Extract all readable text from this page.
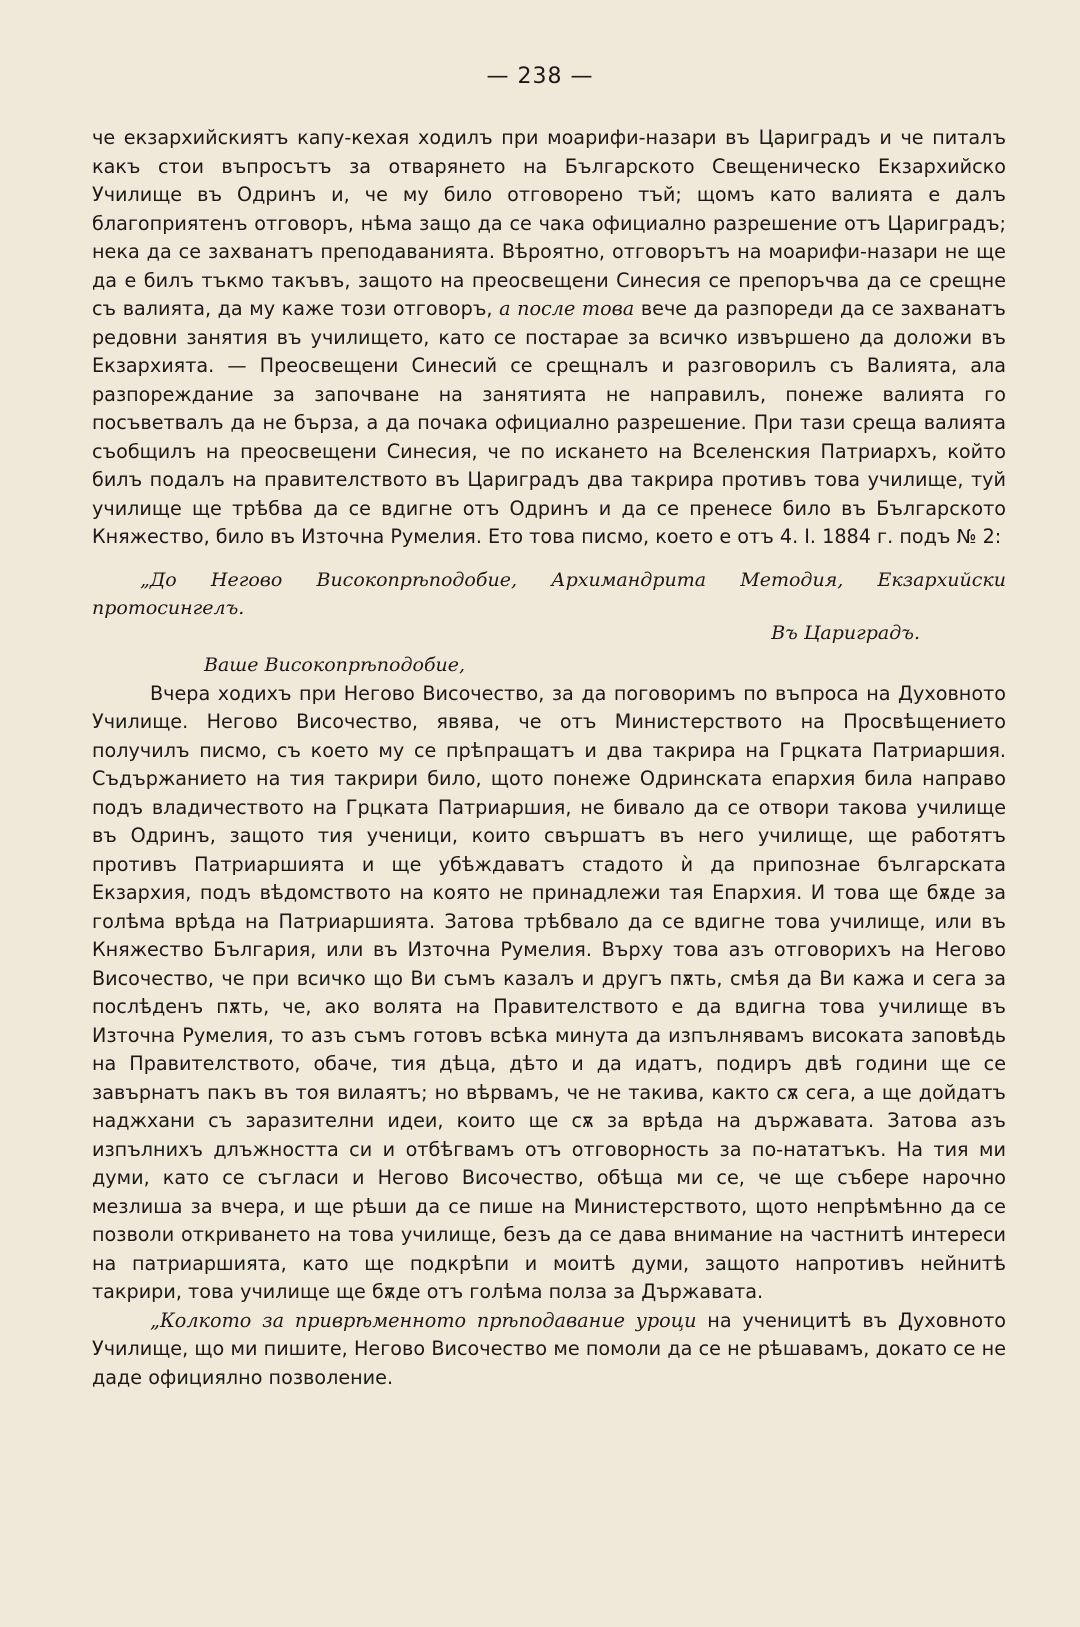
— 238 —

че екзархийскиятъ капу-кехая ходилъ при моарифи-назари въ Цариградъ и че питалъ какъ стои въпросътъ за отварянето на Българското Свещеническо Екзархийско Училище въ Одринъ и, че му било отговорено тъй; щомъ като валията е далъ благоприятенъ отговоръ, нѣма защо да се чака официално разрешение отъ Цариградъ; нека да се захванатъ преподаванията. Вѣроятно, отговорътъ на моарифи-назари не ще да е билъ тъкмо такъвъ, защото на преосвещени Синесия се препоръчва да се срещне съ валията, да му каже този отговоръ, а после това вече да разпореди да се захванатъ редовни занятия въ училището, като се постарае за всичко извършено да доложи въ Екзархията. — Преосвещени Синесий се срещналъ и разговорилъ съ Валията, ала разпореждание за започване на занятията не направилъ, понеже валията го посъветвалъ да не бърза, а да почака официално разрешение. При тази среща валията съобщилъ на преосвещени Синесия, че по искането на Вселенския Патриархъ, който билъ подалъ на правителството въ Цариградъ два такрира противъ това училище, туй училище ще трѣбва да се вдигне отъ Одринъ и да се пренесе било въ Българското Княжество, било въ Източна Румелия. Ето това писмо, което е отъ 4. I. 1884 г. подъ № 2:

„До Негово Високопрѣподобие, Архимандрита Методия, Екзархийски протосингелъ.

Въ Цариградъ.

Ваше Високопрѣподобие,

Вчера ходихъ при Негово Височество, за да поговоримъ по въпроса на Духовното Училище. Негово Височество, явява, че отъ Министерството на Просвѣщението получилъ писмо, съ което му се прѣпращатъ и два такрира на Грцката Патриаршия. Съдържанието на тия такрири било, щото понеже Одринската епархия била направо подъ владичеството на Грцката Патриаршия, не бивало да се отвори такова училище въ Одринъ, защото тия ученици, които свършатъ въ него училище, ще работятъ противъ Патриаршията и ще убѣждаватъ стадото ѝ да припознае българската Екзархия, подъ вѣдомството на която не принадлежи тая Епархия. И това ще бѫде за голѣма врѣда на Патриаршията. Затова трѣбвало да се вдигне това училище, или въ Княжество България, или въ Източна Румелия. Върху това азъ отговорихъ на Негово Височество, че при всичко що Ви съмъ казалъ и другъ пѫть, смѣя да Ви кажа и сега за послѣденъ пѫть, че, ако волята на Правителството е да вдигна това училище въ Източна Румелия, то азъ съмъ готовъ всѣка минута да изпълнявамъ високата заповѣдь на Правителството, обаче, тия дѣца, дѣто и да идатъ, подиръ двѣ години ще се завърнатъ пакъ въ тоя вилаятъ; но вѣрвамъ, че не такива, както сѫ сега, а ще дойдатъ наджхани съ заразителни идеи, които ще сѫ за врѣда на държавата. Затова азъ изпълнихъ длъжността си и отбѣгвамъ отъ отговорность за по-нататъкъ. На тия ми думи, като се съгласи и Негово Височество, обѣща ми се, че ще събере нарочно мезлиша за вчера, и ще рѣши да се пише на Министерството, щото непрѣмѣнно да се позволи откриването на това училище, безъ да се дава внимание на частнитѣ интереси на патриаршията, като ще подкрѣпи и моитѣ думи, защото напротивъ нейнитѣ такрири, това училище ще бѫде отъ голѣма полза за Държавата.

„Колкото за приврѣменното прѣподавание уроци на ученицитѣ въ Духовното Училище, що ми пишите, Негово Височество ме помоли да се не рѣшавамъ, докато се не даде официялно позволение.
